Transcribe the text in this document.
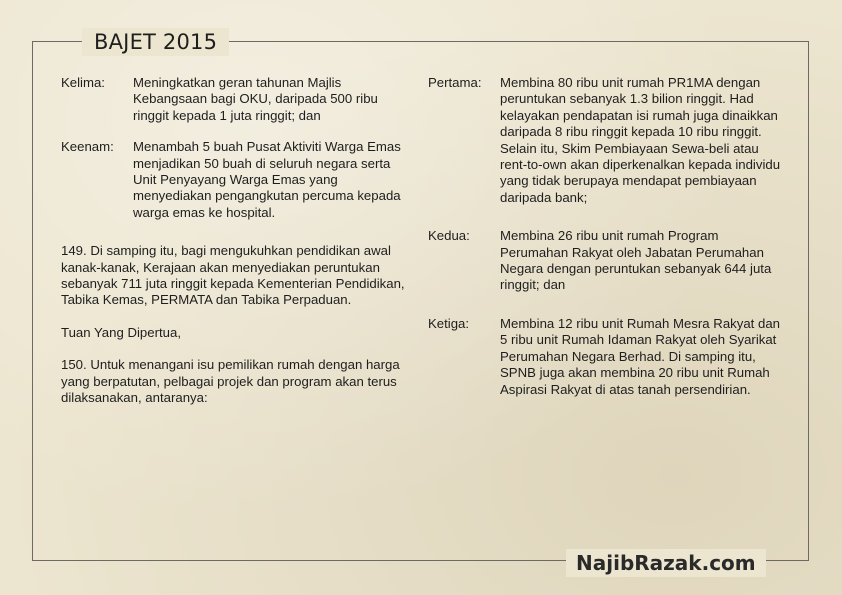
BAJET 2015
Kelima:	Meningkatkan geran tahunan Majlis Kebangsaan bagi OKU, daripada 500 ribu ringgit kepada 1 juta ringgit; dan
Keenam:	Menambah 5 buah Pusat Aktiviti Warga Emas menjadikan 50 buah di seluruh negara serta Unit Penyayang Warga Emas yang menyediakan pengangkutan percuma kepada warga emas ke hospital.

149. Di samping itu, bagi mengukuhkan pendidikan awal kanak-kanak, Kerajaan akan menyediakan peruntukan sebanyak 711 juta ringgit kepada Kementerian Pendidikan, Tabika Kemas, PERMATA dan Tabika Perpaduan.

Tuan Yang Dipertua,

150. Untuk menangani isu pemilikan rumah dengan harga yang berpatutan, pelbagai projek dan program akan terus dilaksanakan, antaranya:

Pertama:	Membina 80 ribu unit rumah PR1MA dengan peruntukan sebanyak 1.3 bilion ringgit. Had kelayakan pendapatan isi rumah juga dinaikkan daripada 8 ribu ringgit kepada 10 ribu ringgit. Selain itu, Skim Pembiayaan Sewa-beli atau rent-to-own akan diperkenalkan kepada individu yang tidak berupaya mendapat pembiayaan daripada bank;
Kedua:	Membina 26 ribu unit rumah Program Perumahan Rakyat oleh Jabatan Perumahan Negara dengan peruntukan sebanyak 644 juta ringgit; dan
Ketiga:	Membina 12 ribu unit Rumah Mesra Rakyat dan 5 ribu unit Rumah Idaman Rakyat oleh Syarikat Perumahan Negara Berhad. Di samping itu, SPNB juga akan membina 20 ribu unit Rumah Aspirasi Rakyat di atas tanah persendirian.
NajibRazak.com
